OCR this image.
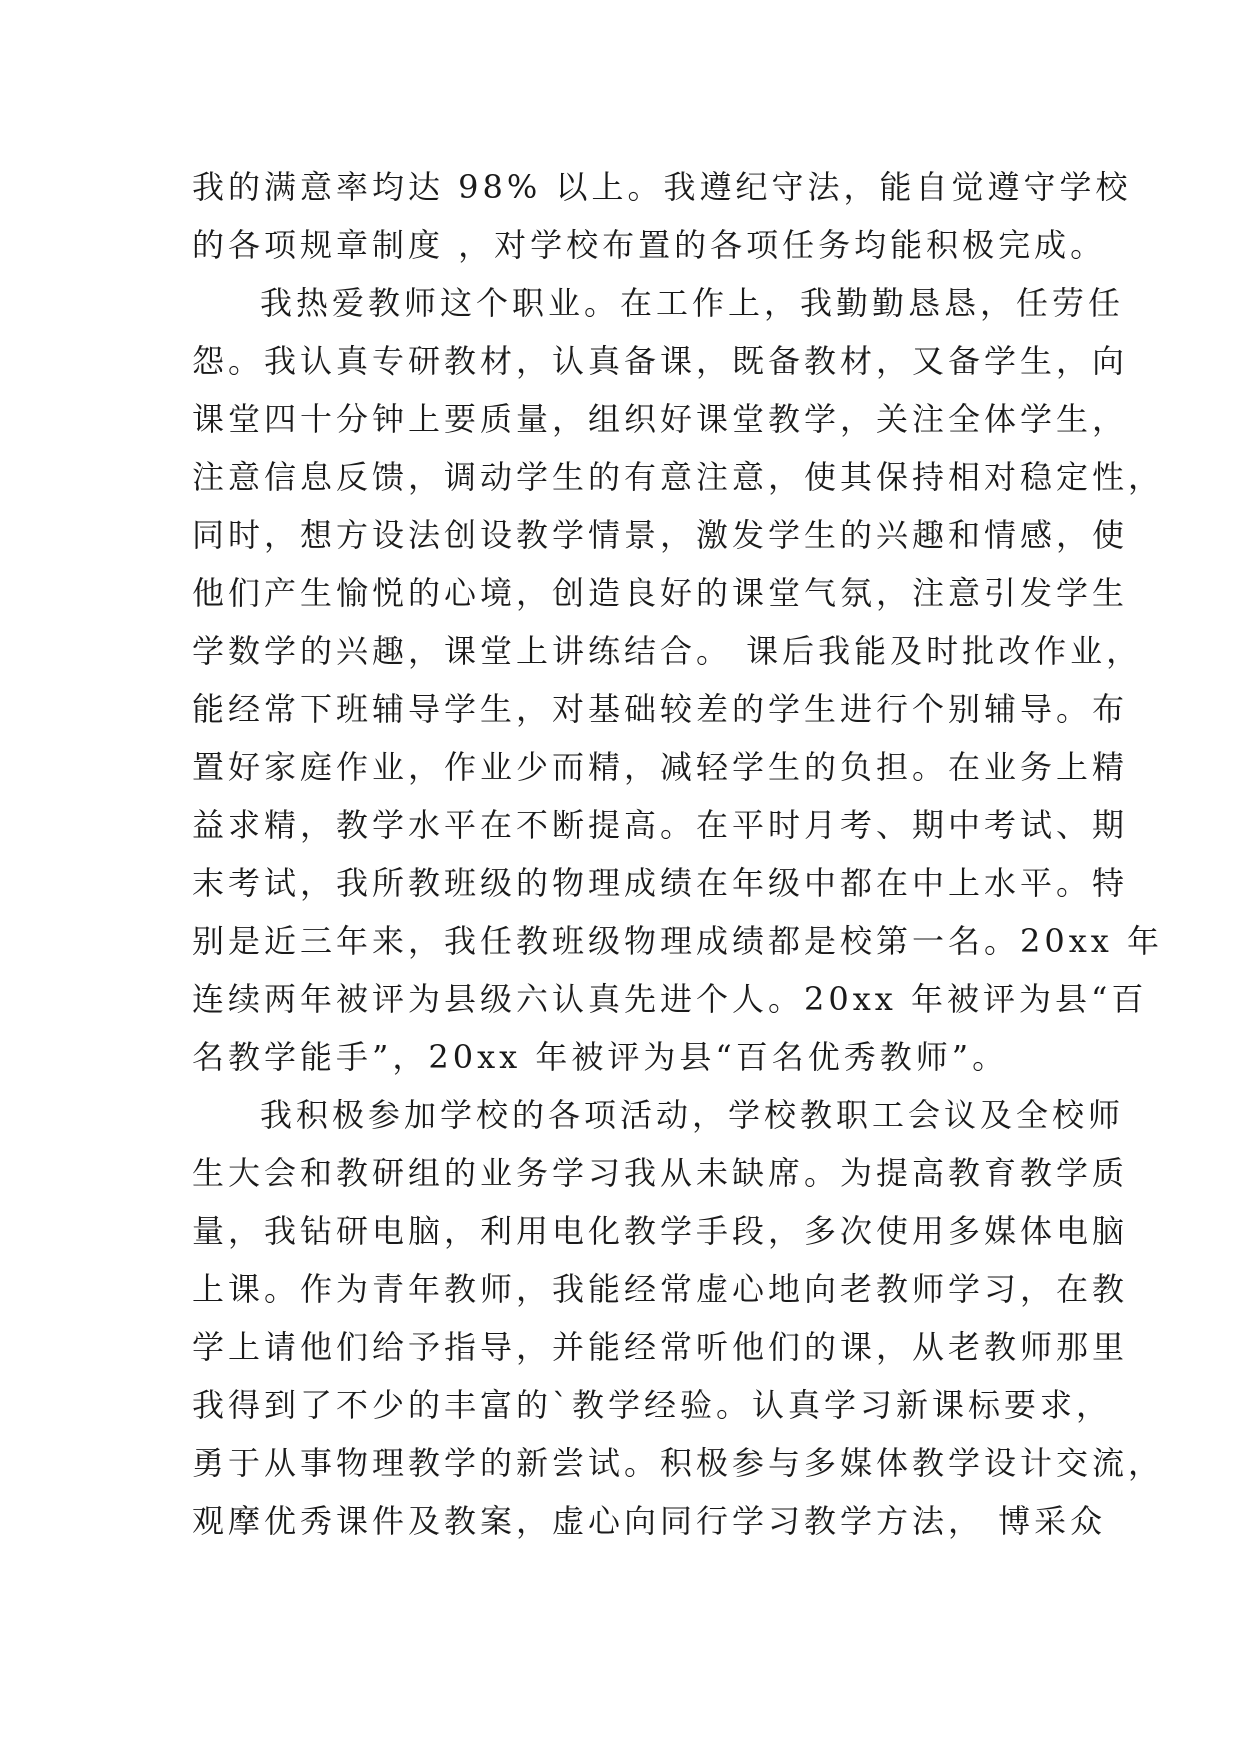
我的满意率均达 98% 以上。我遵纪守法，能自觉遵守学校
的各项规章制度 ，对学校布置的各项任务均能积极完成。
我热爱教师这个职业。在工作上，我勤勤恳恳，任劳任
怨。我认真专研教材，认真备课，既备教材，又备学生，向
课堂四十分钟上要质量，组织好课堂教学，关注全体学生，
注意信息反馈，调动学生的有意注意，使其保持相对稳定性，
同时，想方设法创设教学情景，激发学生的兴趣和情感，使
他们产生愉悦的心境，创造良好的课堂气氛，注意引发学生
学数学的兴趣，课堂上讲练结合。 课后我能及时批改作业，
能经常下班辅导学生，对基础较差的学生进行个别辅导。布
置好家庭作业，作业少而精，减轻学生的负担。在业务上精
益求精，教学水平在不断提高。在平时月考、期中考试、期
末考试，我所教班级的物理成绩在年级中都在中上水平。特
别是近三年来，我任教班级物理成绩都是校第一名。20xx 年
连续两年被评为县级六认真先进个人。20xx 年被评为县“百
名教学能手”，20xx 年被评为县“百名优秀教师”。
我积极参加学校的各项活动，学校教职工会议及全校师
生大会和教研组的业务学习我从未缺席。为提高教育教学质
量，我钻研电脑，利用电化教学手段，多次使用多媒体电脑
上课。作为青年教师，我能经常虚心地向老教师学习，在教
学上请他们给予指导，并能经常听他们的课，从老教师那里
我得到了不少的丰富的`教学经验。认真学习新课标要求，
勇于从事物理教学的新尝试。积极参与多媒体教学设计交流，
观摩优秀课件及教案，虚心向同行学习教学方法， 博采众
